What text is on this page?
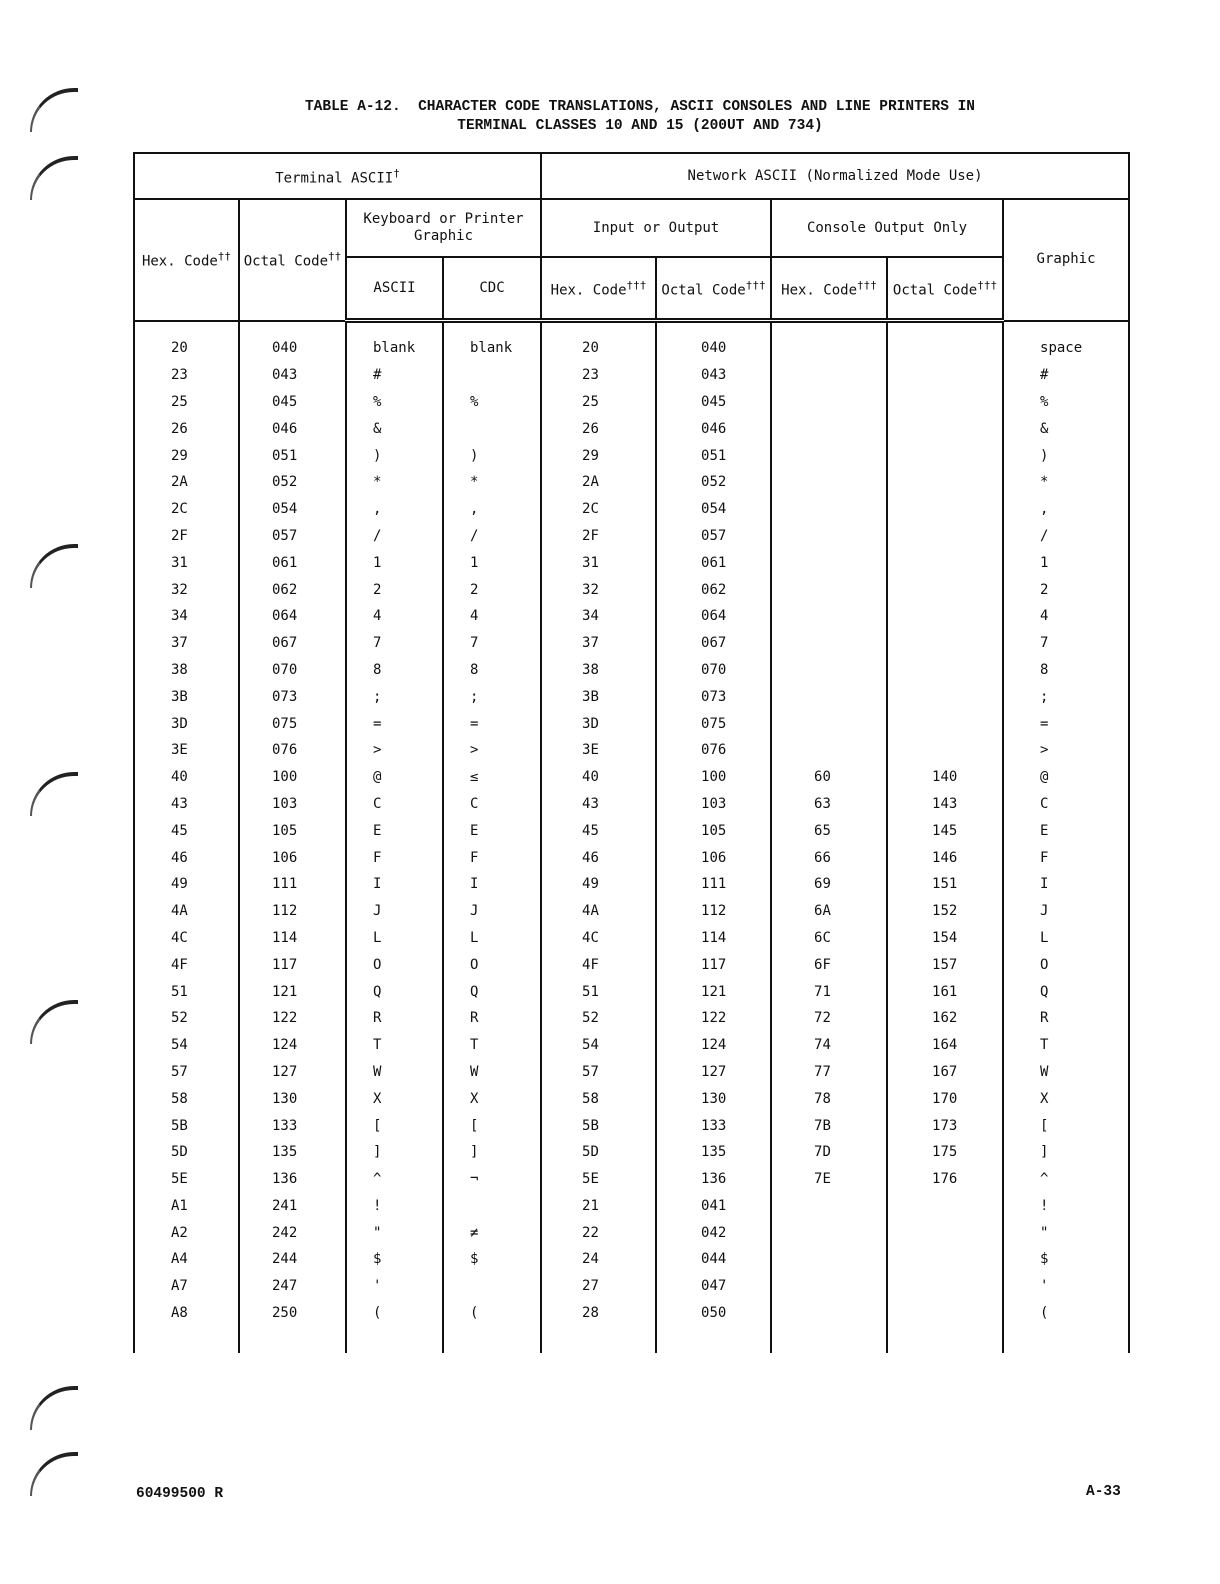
TABLE A-12.  CHARACTER CODE TRANSLATIONS, ASCII CONSOLES AND LINE PRINTERS IN
TERMINAL CLASSES 10 AND 15 (200UT AND 734)
Terminal ASCII†				Network ASCII (Normalized Mode Use)				
Hex. Code††	Octal Code††	Keyboard or Printer Graphic		Input or Output		Console Output Only		Graphic
		ASCII	CDC	Hex. Code†††	Octal Code†††	Hex. Code†††	Octal Code†††
20	040	blank	blank	20	040			space
23	043	#		23	043			#
25	045	%	%	25	045			%
26	046	&		26	046			&
29	051	)	)	29	051			)
2A	052	*	*	2A	052			*
2C	054	,	,	2C	054			,
2F	057	/	/	2F	057			/
31	061	1	1	31	061			1
32	062	2	2	32	062			2
34	064	4	4	34	064			4
37	067	7	7	37	067			7
38	070	8	8	38	070			8
3B	073	;	;	3B	073			;
3D	075	=	=	3D	075			=
3E	076	>	>	3E	076			>
40	100	@	≤	40	100	60	140	@
43	103	C	C	43	103	63	143	C
45	105	E	E	45	105	65	145	E
46	106	F	F	46	106	66	146	F
49	111	I	I	49	111	69	151	I
4A	112	J	J	4A	112	6A	152	J
4C	114	L	L	4C	114	6C	154	L
4F	117	O	O	4F	117	6F	157	O
51	121	Q	Q	51	121	71	161	Q
52	122	R	R	52	122	72	162	R
54	124	T	T	54	124	74	164	T
57	127	W	W	57	127	77	167	W
58	130	X	X	58	130	78	170	X
5B	133	[	[	5B	133	7B	173	[
5D	135	]	]	5D	135	7D	175	]
5E	136	^	¬	5E	136	7E	176	^
A1	241	!		21	041			!
A2	242	"	≠	22	042			"
A4	244	$	$	24	044			$
A7	247	'		27	047			'
A8	250	(	(	28	050			(

60499500 R	A-33
